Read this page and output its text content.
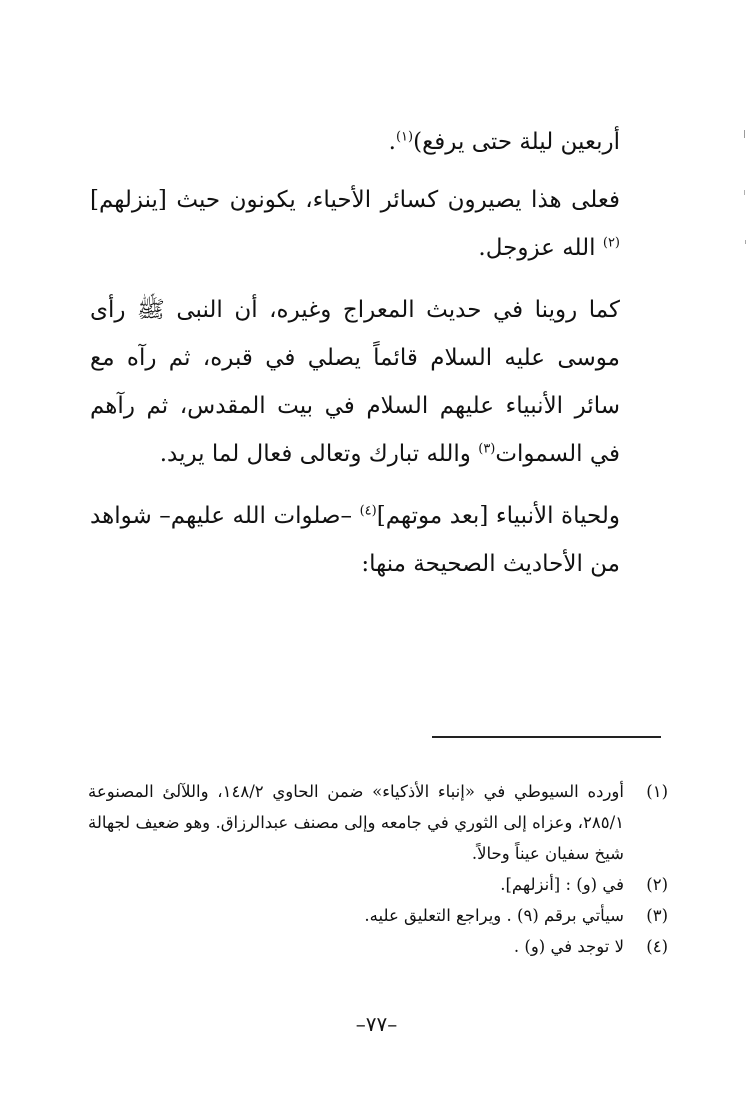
أربعين ليلة حتى يرفع)$^{(١)}$.

فعلى هذا يصيرون كسائر الأحياء، يكونون حيث [ينزلهم]$^{(٢)}$ الله عزوجل.

كما روينا في حديث المعراج وغيره، أن النبى ﷺ رأى موسى عليه السلام قائماً يصلي في قبره، ثم رآه مع سائر الأنبياء عليهم السلام في بيت المقدس، ثم رآهم في السموات$^{(٣)}$ والله تبارك وتعالى فعال لما يريد.

ولحياة الأنبياء [بعد موتهم]$^{(٤)}$ –صلوات الله عليهم– شواهد من الأحاديث الصحيحة منها:

(١)
أورده السيوطي في «إنباء الأذكياء» ضمن الحاوي ١٤٨/٢، واللآلئ المصنوعة ٢٨٥/١، وعزاه إلى الثوري في جامعه وإلى مصنف عبدالرزاق. وهو ضعيف لجهالة شيخ سفيان عيناً وحالاً.
(٢)
في (و) : [أنزلهم].
(٣)
سيأتي برقم (٩) . ويراجع التعليق عليه.
(٤)
لا توجد في (و) .
–٧٧–
